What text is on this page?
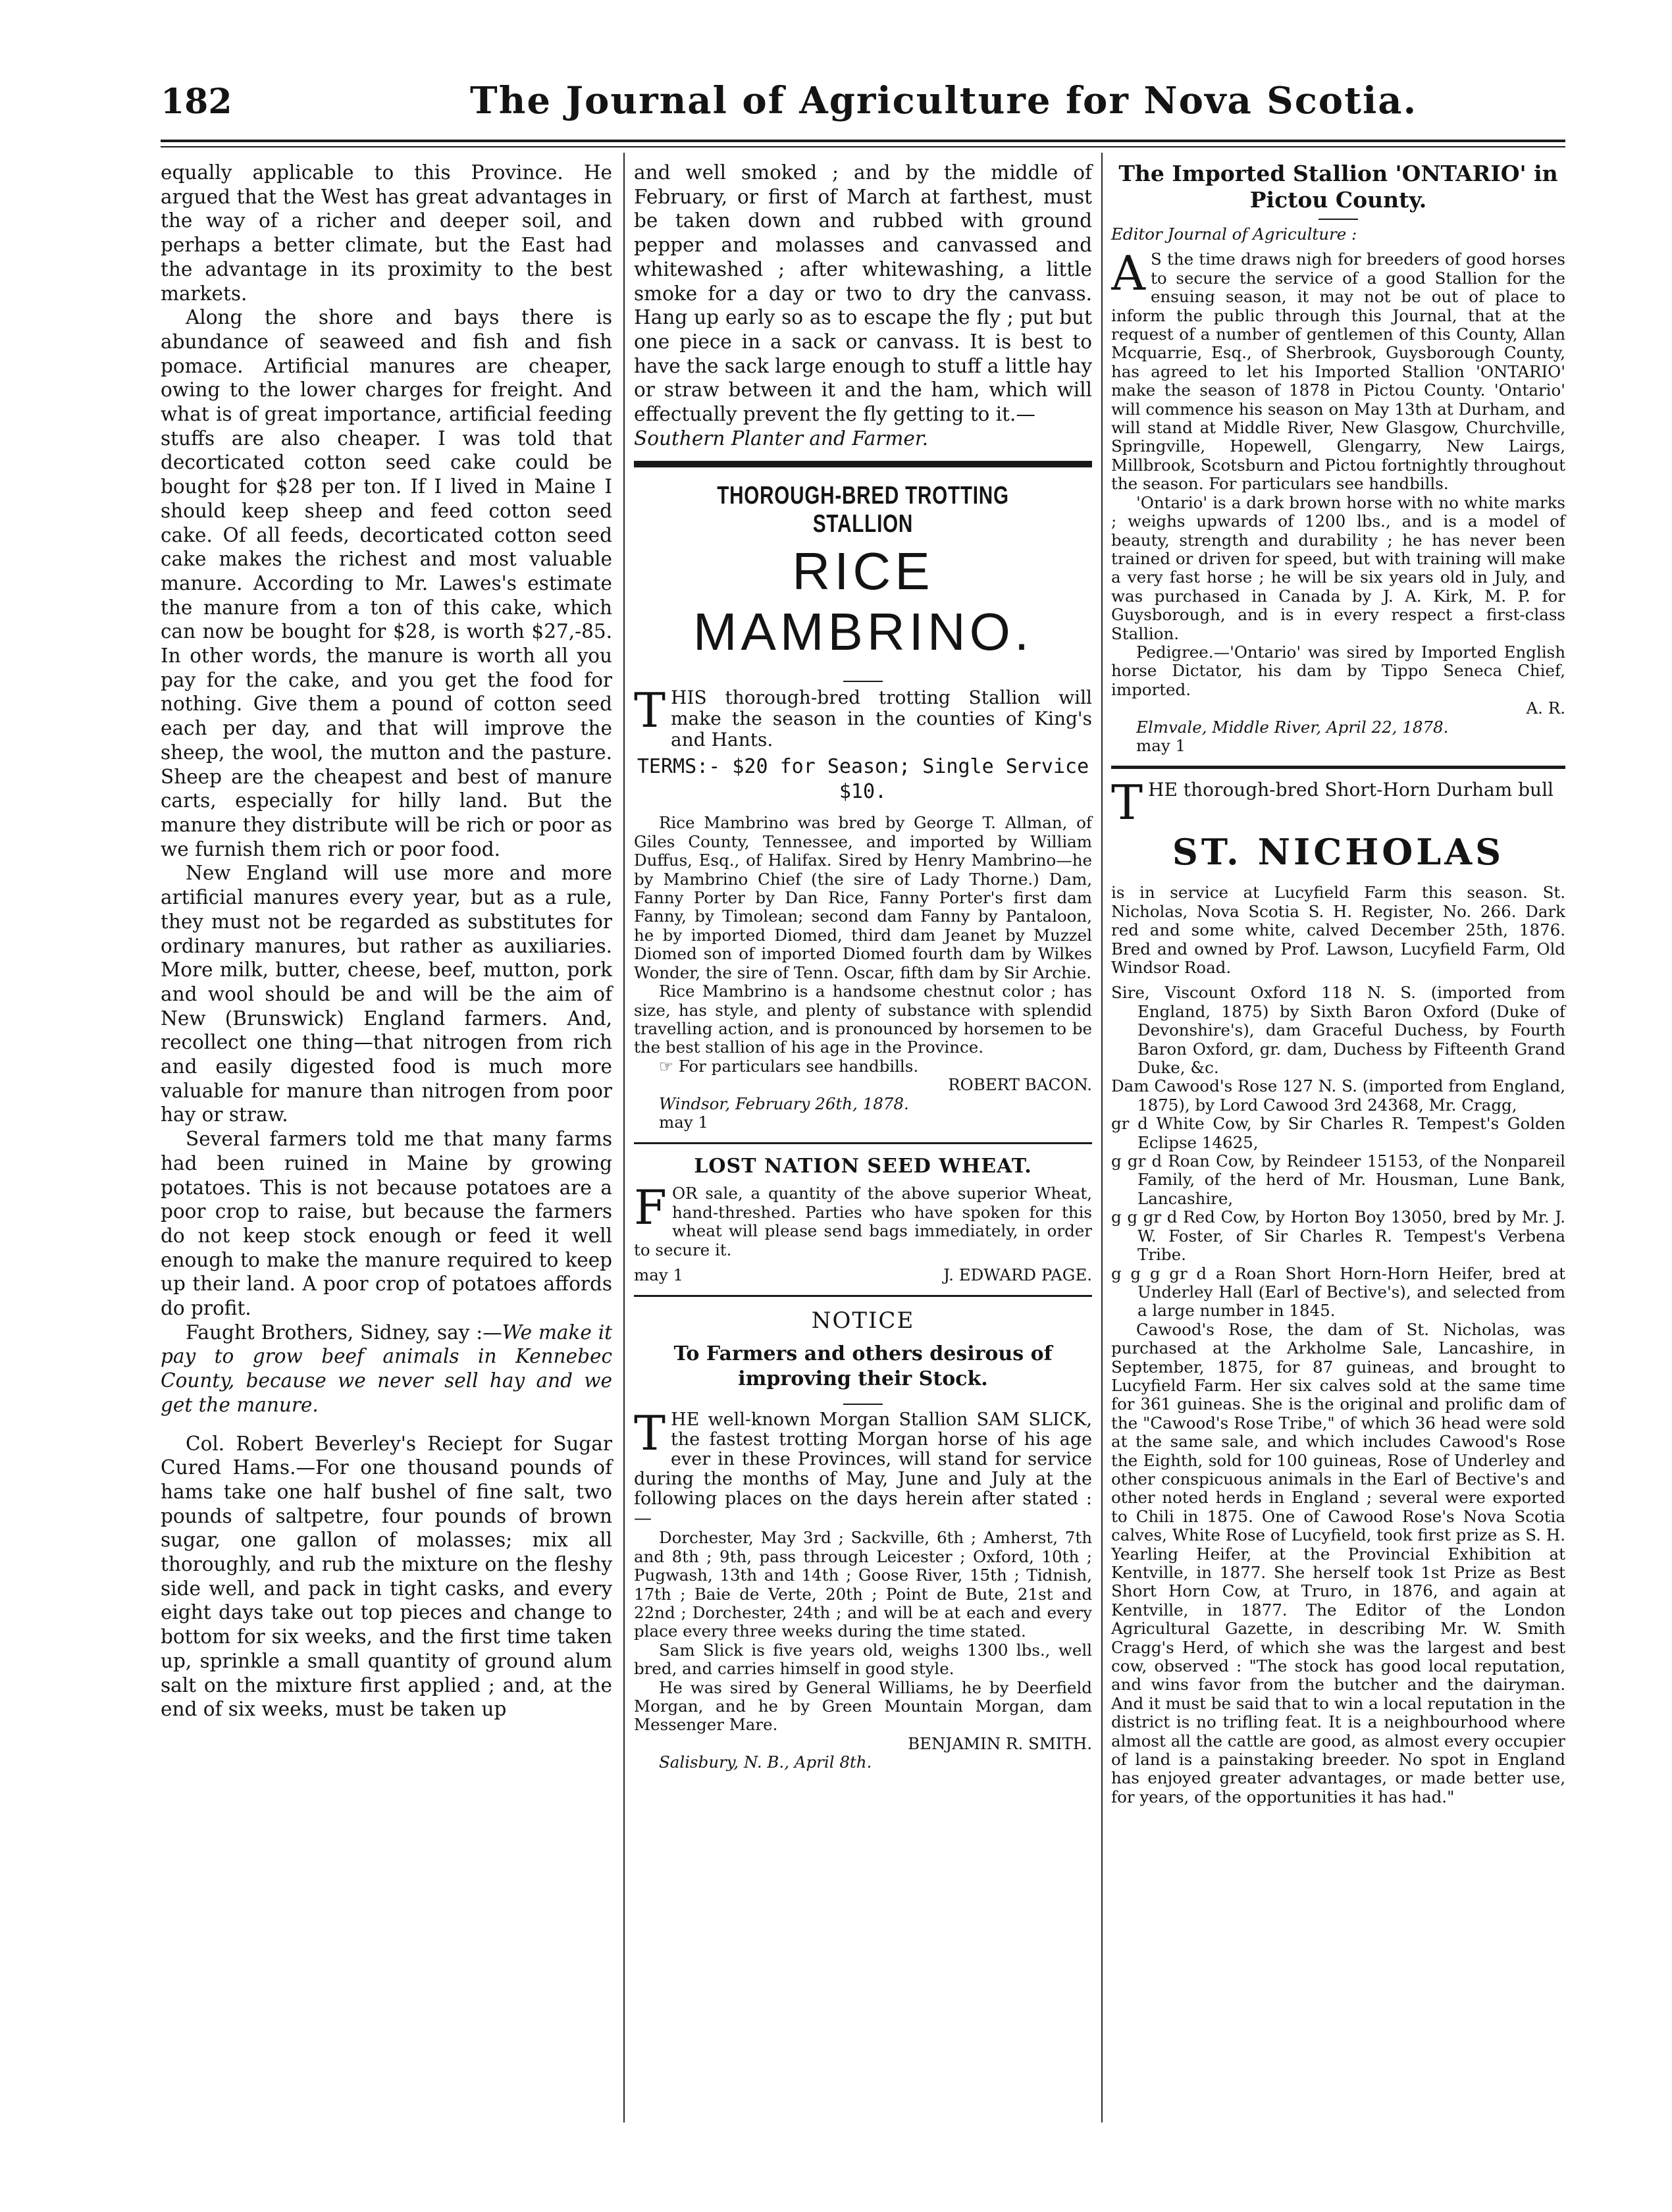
182	The Journal of Agriculture for Nova Scotia.

equally applicable to this Province. He argued that the West has great advantages in the way of a richer and deeper soil, and perhaps a better climate, but the East had the advantage in its proximity to the best markets.

Along the shore and bays there is abundance of seaweed and fish and fish pomace. Artificial manures are cheaper, owing to the lower charges for freight. And what is of great importance, artificial feeding stuffs are also cheaper. I was told that decorticated cotton seed cake could be bought for $28 per ton. If I lived in Maine I should keep sheep and feed cotton seed cake. Of all feeds, decorticated cotton seed cake makes the richest and most valuable manure. According to Mr. Lawes's estimate the manure from a ton of this cake, which can now be bought for $28, is worth $27,-85. In other words, the manure is worth all you pay for the cake, and you get the food for nothing. Give them a pound of cotton seed each per day, and that will improve the sheep, the wool, the mutton and the pasture. Sheep are the cheapest and best of manure carts, especially for hilly land. But the manure they distribute will be rich or poor as we furnish them rich or poor food.

New England will use more and more artificial manures every year, but as a rule, they must not be regarded as substitutes for ordinary manures, but rather as auxiliaries. More milk, butter, cheese, beef, mutton, pork and wool should be and will be the aim of New (Brunswick) England farmers. And, recollect one thing—that nitrogen from rich and easily digested food is much more valuable for manure than nitrogen from poor hay or straw.

Several farmers told me that many farms had been ruined in Maine by growing potatoes. This is not because potatoes are a poor crop to raise, but because the farmers do not keep stock enough or feed it well enough to make the manure required to keep up their land. A poor crop of potatoes affords do profit.

Faught Brothers, Sidney, say :—We make it pay to grow beef animals in Kennebec County, because we never sell hay and we get the manure.

Col. Robert Beverley's Reciept for Sugar Cured Hams.—For one thousand pounds of hams take one half bushel of fine salt, two pounds of saltpetre, four pounds of brown sugar, one gallon of molasses; mix all thoroughly, and rub the mixture on the fleshy side well, and pack in tight casks, and every eight days take out top pieces and change to bottom for six weeks, and the first time taken up, sprinkle a small quantity of ground alum salt on the mixture first applied ; and, at the end of six weeks, must be taken up

and well smoked ; and by the middle of February, or first of March at farthest, must be taken down and rubbed with ground pepper and molasses and canvassed and whitewashed ; after whitewashing, a little smoke for a day or two to dry the canvass. Hang up early so as to escape the fly ; put but one piece in a sack or canvass. It is best to have the sack large enough to stuff a little hay or straw between it and the ham, which will effectually prevent the fly getting to it.—

Southern Planter and Farmer.

THOROUGH-BRED TROTTING STALLION
RICE MAMBRINO.
T HIS thorough-bred trotting Stallion will make the season in the counties of King's and Hants.

TERMS:- $20 for Season; Single Service $10.

Rice Mambrino was bred by George T. Allman, of Giles County, Tennessee, and imported by William Duffus, Esq., of Halifax. Sired by Henry Mambrino—he by Mambrino Chief (the sire of Lady Thorne.) Dam, Fanny Porter by Dan Rice, Fanny Porter's first dam Fanny, by Timolean; second dam Fanny by Pantaloon, he by imported Diomed, third dam Jeanet by Muzzel Diomed son of imported Diomed fourth dam by Wilkes Wonder, the sire of Tenn. Oscar, fifth dam by Sir Archie.

Rice Mambrino is a handsome chestnut color ; has size, has style, and plenty of substance with splendid travelling action, and is pronounced by horsemen to be the best stallion of his age in the Province.

☞ For particulars see handbills.

ROBERT BACON.

Windsor, February 26th, 1878.

may 1

LOST NATION SEED WHEAT.
F OR sale, a quantity of the above superior Wheat, hand-threshed. Parties who have spoken for this wheat will please send bags immediately, in order to secure it.

may 1	J. EDWARD PAGE.
NOTICE
To Farmers and others desirous of improving their Stock.
T HE well-known Morgan Stallion SAM SLICK, the fastest trotting Morgan horse of his age ever in these Provinces, will stand for service during the months of May, June and July at the following places on the days herein after stated :—

Dorchester, May 3rd ; Sackville, 6th ; Amherst, 7th and 8th ; 9th, pass through Leicester ; Oxford, 10th ; Pugwash, 13th and 14th ; Goose River, 15th ; Tidnish, 17th ; Baie de Verte, 20th ; Point de Bute, 21st and 22nd ; Dorchester, 24th ; and will be at each and every place every three weeks during the time stated.

Sam Slick is five years old, weighs 1300 lbs., well bred, and carries himself in good style.

He was sired by General Williams, he by Deerfield Morgan, and he by Green Mountain Morgan, dam Messenger Mare.

BENJAMIN R. SMITH.

Salisbury, N. B., April 8th.

The Imported Stallion 'ONTARIO' in Pictou County.

Editor Journal of Agriculture :

A S the time draws nigh for breeders of good horses to secure the service of a good Stallion for the ensuing season, it may not be out of place to inform the public through this Journal, that at the request of a number of gentlemen of this County, Allan Mcquarrie, Esq., of Sherbrook, Guysborough County, has agreed to let his Imported Stallion 'ONTARIO' make the season of 1878 in Pictou County. 'Ontario' will commence his season on May 13th at Durham, and will stand at Middle River, New Glasgow, Churchville, Springville, Hopewell, Glengarry, New Lairgs, Millbrook, Scotsburn and Pictou fortnightly throughout the season. For particulars see handbills.

'Ontario' is a dark brown horse with no white marks ; weighs upwards of 1200 lbs., and is a model of beauty, strength and durability ; he has never been trained or driven for speed, but with training will make a very fast horse ; he will be six years old in July, and was purchased in Canada by J. A. Kirk, M. P. for Guysborough, and is in every respect a first-class Stallion.

Pedigree.—'Ontario' was sired by Imported English horse Dictator, his dam by Tippo Seneca Chief, imported.

A. R.

Elmvale, Middle River, April 22, 1878.

may 1

T HE thorough-bred Short-Horn Durham bull

ST. NICHOLAS

is in service at Lucyfield Farm this season. St. Nicholas, Nova Scotia S. H. Register, No. 266. Dark red and some white, calved December 25th, 1876. Bred and owned by Prof. Lawson, Lucyfield Farm, Old Windsor Road.

Sire, Viscount Oxford 118 N. S. (imported from England, 1875) by Sixth Baron Oxford (Duke of Devonshire's), dam Graceful Duchess, by Fourth Baron Oxford, gr. dam, Duchess by Fifteenth Grand Duke, &c.

Dam Cawood's Rose 127 N. S. (imported from England, 1875), by Lord Cawood 3rd 24368, Mr. Cragg,

gr d White Cow, by Sir Charles R. Tempest's Golden Eclipse 14625,

g gr d Roan Cow, by Reindeer 15153, of the Nonpareil Family, of the herd of Mr. Housman, Lune Bank, Lancashire,

g g gr d Red Cow, by Horton Boy 13050, bred by Mr. J. W. Foster, of Sir Charles R. Tempest's Verbena Tribe.

g g g gr d a Roan Short Horn-Horn Heifer, bred at Underley Hall (Earl of Bective's), and selected from a large number in 1845.

Cawood's Rose, the dam of St. Nicholas, was purchased at the Arkholme Sale, Lancashire, in September, 1875, for 87 guineas, and brought to Lucyfield Farm. Her six calves sold at the same time for 361 guineas. She is the original and prolific dam of the "Cawood's Rose Tribe," of which 36 head were sold at the same sale, and which includes Cawood's Rose the Eighth, sold for 100 guineas, Rose of Underley and other conspicuous animals in the Earl of Bective's and other noted herds in England ; several were exported to Chili in 1875. One of Cawood Rose's Nova Scotia calves, White Rose of Lucyfield, took first prize as S. H. Yearling Heifer, at the Provincial Exhibition at Kentville, in 1877. She herself took 1st Prize as Best Short Horn Cow, at Truro, in 1876, and again at Kentville, in 1877. The Editor of the London Agricultural Gazette, in describing Mr. W. Smith Cragg's Herd, of which she was the largest and best cow, observed : "The stock has good local reputation, and wins favor from the butcher and the dairyman. And it must be said that to win a local reputation in the district is no trifling feat. It is a neighbourhood where almost all the cattle are good, as almost every occupier of land is a painstaking breeder. No spot in England has enjoyed greater advantages, or made better use, for years, of the opportunities it has had."
